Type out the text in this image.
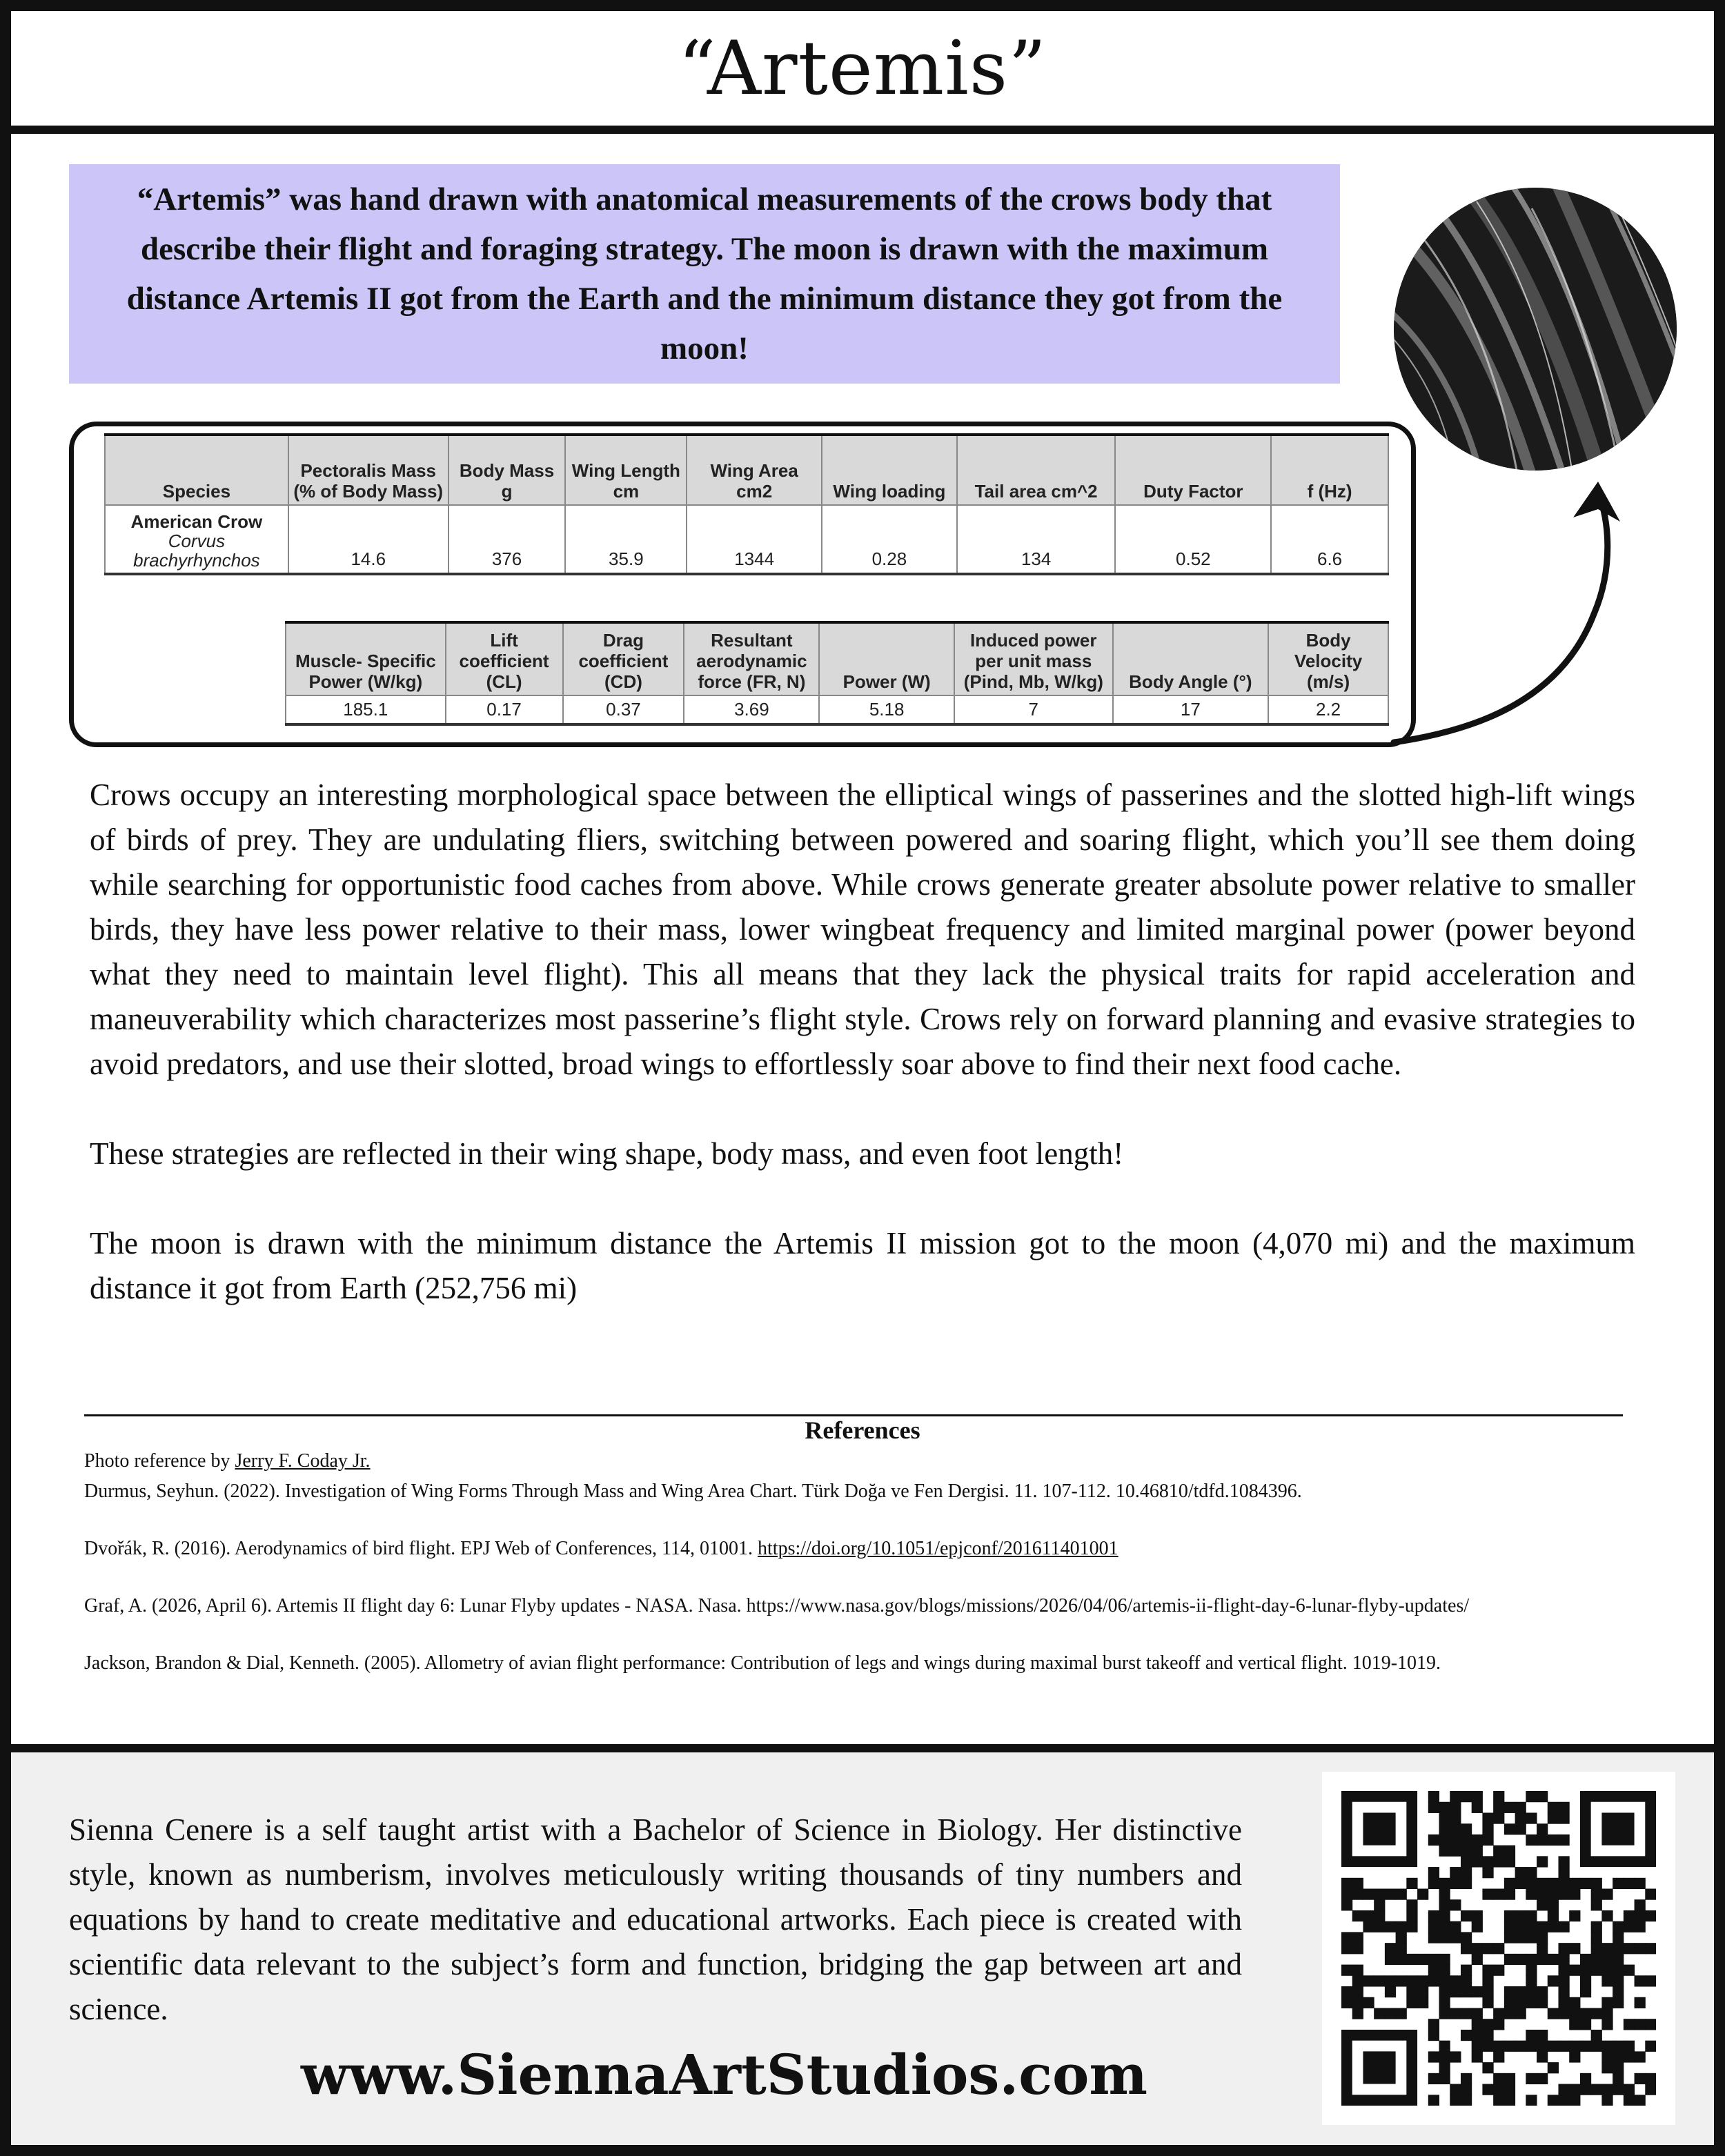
“Artemis”

“Artemis” was hand drawn with anatomical measurements of the crows body that describe their flight and foraging strategy. The moon is drawn with the maximum distance Artemis II got from the Earth and the minimum distance they got from the moon!

Species	Pectoralis Mass (% of Body Mass)	Body Mass g	Wing Length cm	Wing Area cm2	Wing loading	Tail area cm^2	Duty Factor	f (Hz)

American Crow
Corvus brachyrhynchos	14.6	376	35.9	1344	0.28	134	0.52	6.6
Muscle- Specific Power (W/kg)	Lift coefficient (CL)	Drag coefficient (CD)	Resultant aerodynamic force (FR, N)	Power (W)	Induced power per unit mass (Pind, Mb, W/kg)	Body Angle (°)	Body Velocity (m/s)
185.1	0.17	0.37	3.69	5.18	7	17	2.2

Crows occupy an interesting morphological space between the elliptical wings of passerines and the slotted high-lift wings of birds of prey. They are undulating fliers, switching between powered and soaring flight, which you’ll see them doing while searching for opportunistic food caches from above. While crows generate greater absolute power relative to smaller birds, they have less power relative to their mass, lower wingbeat frequency and limited marginal power (power beyond what they need to maintain level flight). This all means that they lack the physical traits for rapid acceleration and maneuverability which characterizes most passerine’s flight style. Crows rely on forward planning and evasive strategies to avoid predators, and use their slotted, broad wings to effortlessly soar above to find their next food cache.

These strategies are reflected in their wing shape, body mass, and even foot length!

The moon is drawn with the minimum distance the Artemis II mission got to the moon (4,070 mi) and the maximum distance it got from Earth (252,756 mi)

References
Photo reference by Jerry F. Coday Jr.
Durmus, Seyhun. (2022). Investigation of Wing Forms Through Mass and Wing Area Chart. Türk Doğa ve Fen Dergisi. 11. 107-112. 10.46810/tdfd.1084396.
Dvořák, R. (2016). Aerodynamics of bird flight. EPJ Web of Conferences, 114, 01001. https://doi.org/10.1051/epjconf/201611401001
Graf, A. (2026, April 6). Artemis II flight day 6: Lunar Flyby updates - NASA. Nasa. https://www.nasa.gov/blogs/missions/2026/04/06/artemis-ii-flight-day-6-lunar-flyby-updates/
Jackson, Brandon & Dial, Kenneth. (2005). Allometry of avian flight performance: Contribution of legs and wings during maximal burst takeoff and vertical flight. 1019-1019.

Sienna Cenere is a self taught artist with a Bachelor of Science in Biology. Her distinctive style, known as numberism, involves meticulously writing thousands of tiny numbers and equations by hand to create meditative and educational artworks. Each piece is created with scientific data relevant to the subject’s form and function, bridging the gap between art and science.

www.SiennaArtStudios.com
